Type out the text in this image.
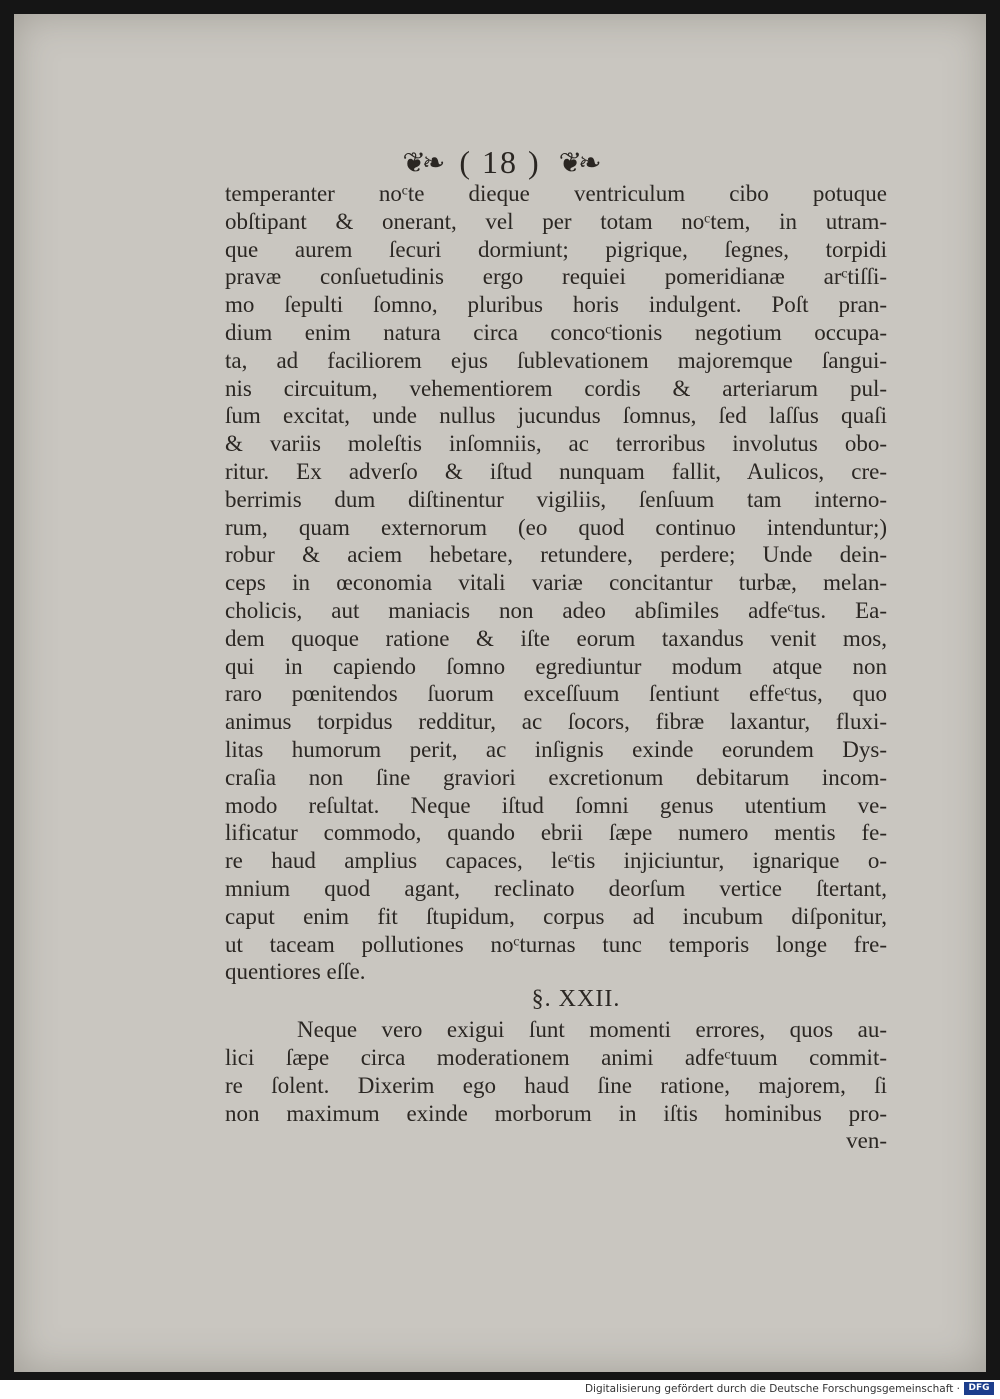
❦❧ ( 18 ) ❦❧
temperanter noᶜte dieque ventriculum cibo potuque
obſtipant & onerant, vel per totam noᶜtem, in utram-
que aurem ſecuri dormiunt; pigrique, ſegnes, torpidi
pravæ conſuetudinis ergo requiei pomeridianæ arᶜtiſſi-
mo ſepulti ſomno, pluribus horis indulgent. Poſt pran-
dium enim natura circa concoᶜtionis negotium occupa-
ta, ad faciliorem ejus ſublevationem majoremque ſangui-
nis circuitum, vehementiorem cordis & arteriarum pul-
ſum excitat, unde nullus jucundus ſomnus, ſed laſſus quaſi
& variis moleſtis inſomniis, ac terroribus involutus obo-
ritur. Ex adverſo & iſtud nunquam fallit, Aulicos, cre-
berrimis dum diſtinentur vigiliis, ſenſuum tam interno-
rum, quam externorum (eo quod continuo intenduntur;)
robur & aciem hebetare, retundere, perdere; Unde dein-
ceps in œconomia vitali variæ concitantur turbæ, melan-
cholicis, aut maniacis non adeo abſimiles adfeᶜtus. Ea-
dem quoque ratione & iſte eorum taxandus venit mos,
qui in capiendo ſomno egrediuntur modum atque non
raro pœnitendos ſuorum exceſſuum ſentiunt effeᶜtus, quo
animus torpidus redditur, ac ſocors, fibræ laxantur, fluxi-
litas humorum perit, ac inſignis exinde eorundem Dys-
craſia non ſine graviori excretionum debitarum incom-
modo reſultat. Neque iſtud ſomni genus utentium ve-
lificatur commodo, quando ebrii ſæpe numero mentis fe-
re haud amplius capaces, leᶜtis injiciuntur, ignarique o-
mnium quod agant, reclinato deorſum vertice ſtertant,
caput enim fit ſtupidum, corpus ad incubum diſponitur,
ut taceam pollutiones noᶜturnas tunc temporis longe fre-
quentiores eſſe.
§. XXII.
Neque vero exigui ſunt momenti errores, quos au-
lici ſæpe circa moderationem animi adfeᶜtuum commit-
re ſolent. Dixerim ego haud ſine ratione, majorem, ſi
non maximum exinde morborum in iſtis hominibus pro-
ven-
Digitalisierung gefördert durch die Deutsche Forschungsgemeinschaft · DFG
